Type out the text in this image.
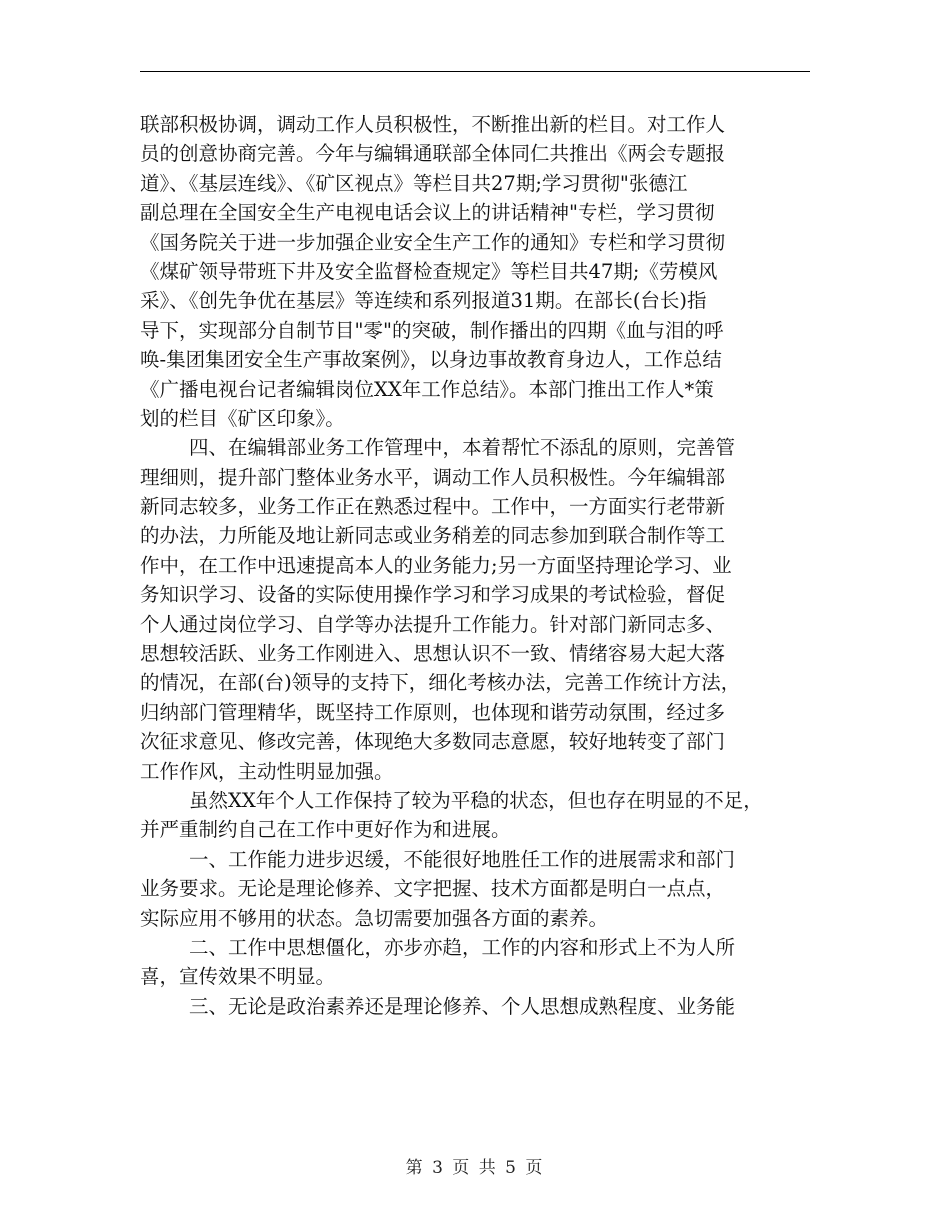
联部积极协调，调动工作人员积极性，不断推出新的栏目。对工作人
员的创意协商完善。今年与编辑通联部全体同仁共推出《两会专题报
道》、《基层连线》、《矿区视点》等栏目共27期;学习贯彻"张德江
副总理在全国安全生产电视电话会议上的讲话精神"专栏，学习贯彻
《国务院关于进一步加强企业安全生产工作的通知》专栏和学习贯彻
《煤矿领导带班下井及安全监督检查规定》等栏目共47期;《劳模风
采》、《创先争优在基层》等连续和系列报道31期。在部长(台长)指
导下，实现部分自制节目"零"的突破，制作播出的四期《血与泪的呼
唤-集团集团安全生产事故案例》，以身边事故教育身边人，工作总结
《广播电视台记者编辑岗位XX年工作总结》。本部门推出工作人*策
划的栏目《矿区印象》。
四、在编辑部业务工作管理中，本着帮忙不添乱的原则，完善管
理细则，提升部门整体业务水平，调动工作人员积极性。今年编辑部
新同志较多，业务工作正在熟悉过程中。工作中，一方面实行老带新
的办法，力所能及地让新同志或业务稍差的同志参加到联合制作等工
作中，在工作中迅速提高本人的业务能力;另一方面坚持理论学习、业
务知识学习、设备的实际使用操作学习和学习成果的考试检验，督促
个人通过岗位学习、自学等办法提升工作能力。针对部门新同志多、
思想较活跃、业务工作刚进入、思想认识不一致、情绪容易大起大落
的情况，在部(台)领导的支持下，细化考核办法，完善工作统计方法，
归纳部门管理精华，既坚持工作原则，也体现和谐劳动氛围，经过多
次征求意见、修改完善，体现绝大多数同志意愿，较好地转变了部门
工作作风，主动性明显加强。
虽然XX年个人工作保持了较为平稳的状态，但也存在明显的不足，
并严重制约自己在工作中更好作为和进展。
一、工作能力进步迟缓，不能很好地胜任工作的进展需求和部门
业务要求。无论是理论修养、文字把握、技术方面都是明白一点点，
实际应用不够用的状态。急切需要加强各方面的素养。
二、工作中思想僵化，亦步亦趋，工作的内容和形式上不为人所
喜，宣传效果不明显。
三、无论是政治素养还是理论修养、个人思想成熟程度、业务能
第 3 页 共 5 页
